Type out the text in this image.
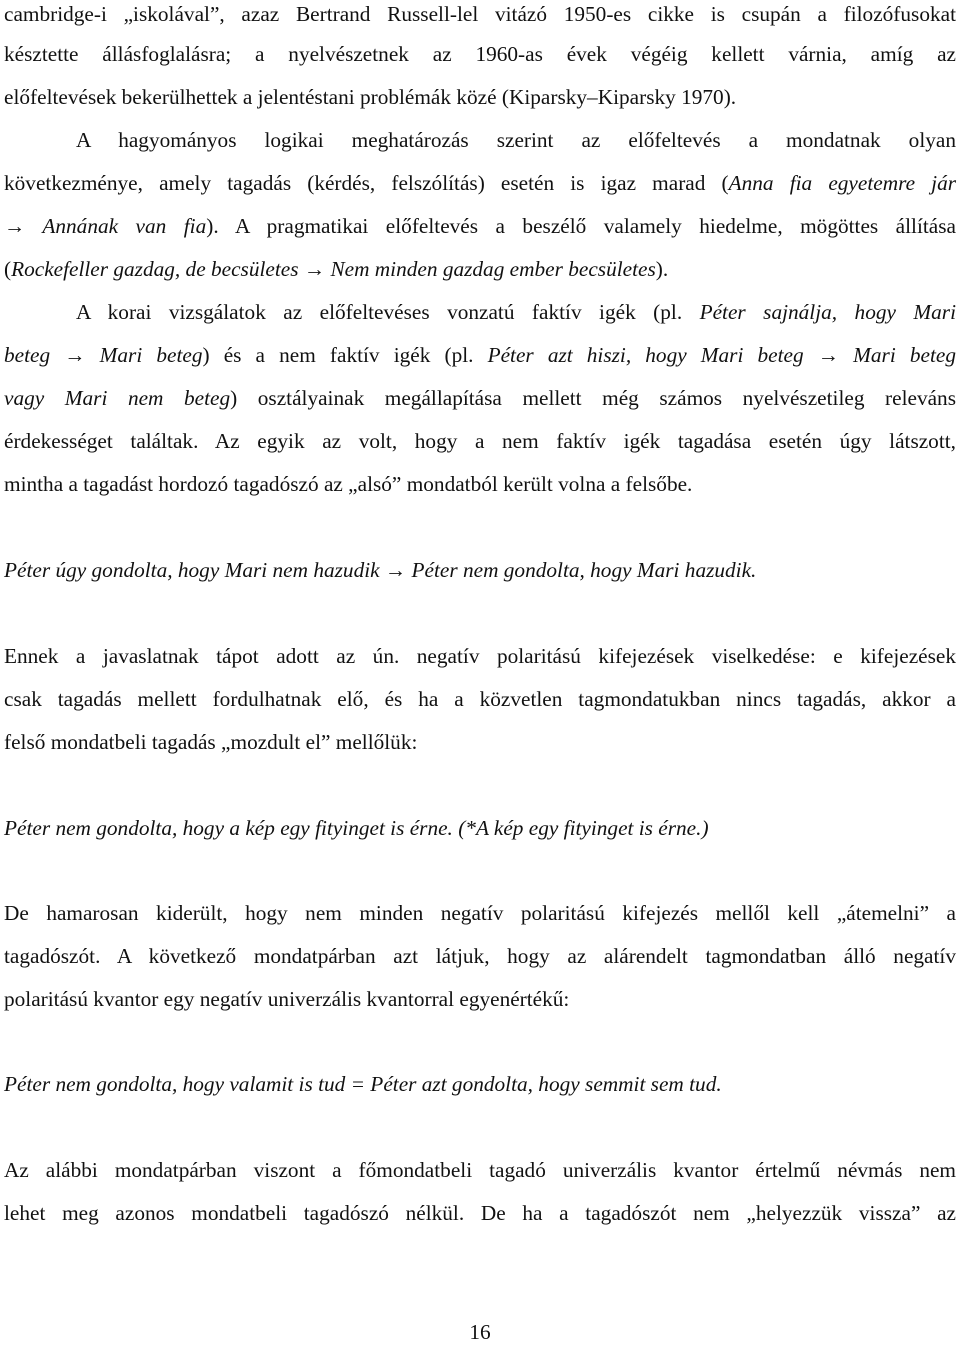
cambridge-i „iskolával”, azaz Bertrand Russell-lel vitázó 1950-es cikke is csupán a filozófusokat
késztette állásfoglalásra; a nyelvészetnek az 1960-as évek végéig kellett várnia, amíg az
előfeltevések bekerülhettek a jelentéstani problémák közé (Kiparsky–Kiparsky 1970).
A hagyományos logikai meghatározás szerint az előfeltevés a mondatnak olyan
következménye, amely tagadás (kérdés, felszólítás) esetén is igaz marad (Anna fia egyetemre jár
→ Annának van fia). A pragmatikai előfeltevés a beszélő valamely hiedelme, mögöttes állítása
(Rockefeller gazdag, de becsületes → Nem minden gazdag ember becsületes).
A korai vizsgálatok az előfeltevéses vonzatú faktív igék (pl. Péter sajnálja, hogy Mari
beteg → Mari beteg) és a nem faktív igék (pl. Péter azt hiszi, hogy Mari beteg → Mari beteg
vagy Mari nem beteg) osztályainak megállapítása mellett még számos nyelvészetileg releváns
érdekességet találtak. Az egyik az volt, hogy a nem faktív igék tagadása esetén úgy látszott,
mintha a tagadást hordozó tagadószó az „alsó” mondatból került volna a felsőbe.
Péter úgy gondolta, hogy Mari nem hazudik → Péter nem gondolta, hogy Mari hazudik.
Ennek a javaslatnak tápot adott az ún. negatív polaritású kifejezések viselkedése: e kifejezések
csak tagadás mellett fordulhatnak elő, és ha a közvetlen tagmondatukban nincs tagadás, akkor a
felső mondatbeli tagadás „mozdult el” mellőlük:
Péter nem gondolta, hogy a kép egy fityinget is érne. (*A kép egy fityinget is érne.)
De hamarosan kiderült, hogy nem minden negatív polaritású kifejezés mellől kell „átemelni” a
tagadószót. A következő mondatpárban azt látjuk, hogy az alárendelt tagmondatban álló negatív
polaritású kvantor egy negatív univerzális kvantorral egyenértékű:
Péter nem gondolta, hogy valamit is tud = Péter azt gondolta, hogy semmit sem tud.
Az alábbi mondatpárban viszont a főmondatbeli tagadó univerzális kvantor értelmű névmás nem
lehet meg azonos mondatbeli tagadószó nélkül. De ha a tagadószót nem „helyezzük vissza” az
16
